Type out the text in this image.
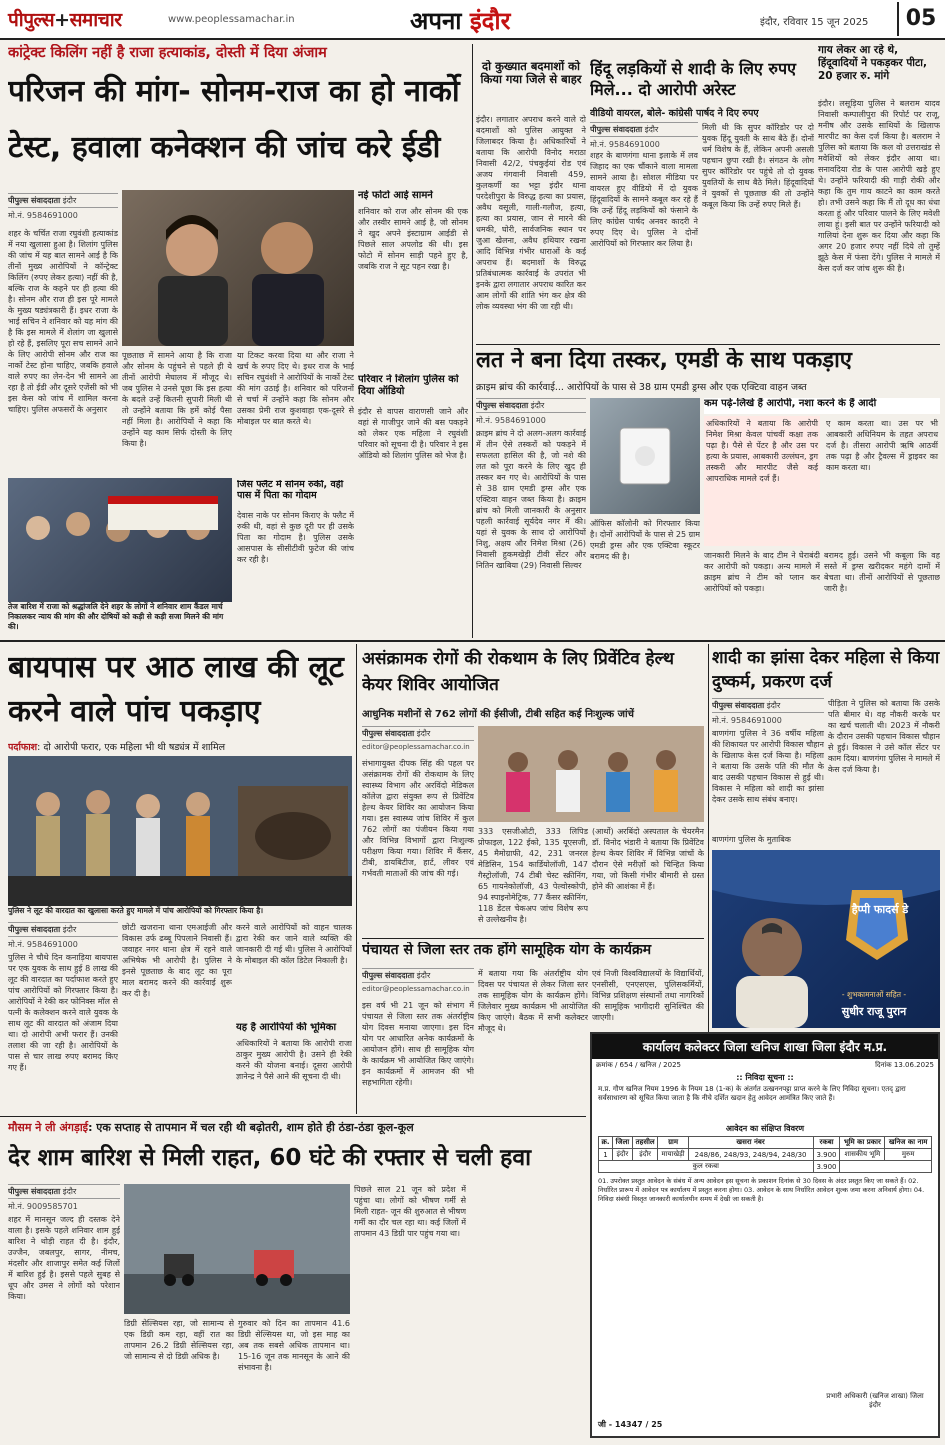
पीपुल्स+समाचार	www.peoplessamachar.in	अपना इंदौर	इंदौर, रविवार 15 जून 2025	05
कांट्रेक्ट किलिंग नहीं है राजा हत्याकांड, दोस्ती में दिया अंजाम
परिजन की मांग- सोनम-राज का हो नार्को टेस्ट, हवाला कनेक्शन की जांच करे ईडी
पीपुल्स संवाददाता इंदौर
मो.नं. 9584691000
शहर के चर्चित राजा रघुवंशी हत्याकांड में नया खुलासा हुआ है। शिलांग पुलिस की जांच में यह बात सामने आई है कि तीनों मुख्य आरोपियों ने कॉन्ट्रेक्ट किलिंग (रुपए लेकर हत्या) नहीं की है, बल्कि राज के कहने पर ही हत्या की है। सोनम और राज ही इस पूरे मामले के मुख्य षड्यंत्रकारी हैं। इधर राजा के भाई सचिन ने शनिवार को यह मांग की है कि इस मामले में शेलांग जा खुलासे हो रहे हैं, इसलिए पूरा सच सामने आने के लिए आरोपी सोनम और राज का नार्को टेस्ट होना चाहिए, जबकि हवाले वाले रुपए का लेन-देन भी सामने आ रहा है तो ईडी और दूसरे एजेंसी को भी इस केस को जांच में शामिल करना चाहिए। पुलिस अफसरों के अनुसार
पूछताछ में सामने आया है कि राजा और सोनम के पहुंचने से पहले ही ये तीनों आरोपी मेघालय में मौजूद थे। जब पुलिस ने उनसे पूछा कि इस हत्या के बदले उन्हें कितनी सुपारी मिली थी तो उन्होंने बताया कि हमें कोई पैसा नहीं मिला है। आरोपियों ने कहा कि उन्होंने यह काम सिर्फ दोस्ती के लिए किया है।
या टिकट करवा दिया था और राजा ने खर्च के रुपए दिए थे। इधर राज के भाई सचिन रघुवंशी ने आरोपियों के नार्को टेस्ट की मांग उठाई है। शनिवार को परिजनों से चर्चा में उन्होंने कहा कि सोनम और उसका प्रेमी राज कुशवाहा एक-दूसरे से मोबाइल पर बात करते थे।
नई फोटो आई सामने
शनिवार को राज और सोनम की एक और तस्वीर सामने आई है, जो सोनम ने खुद अपने इंस्टाग्राम आईडी से पिछले साल अपलोड की थी। इस फोटो में सोनम साड़ी पहने हुए है, जबकि राज ने सूट पहन रखा है।
परिवार ने शिलांग पुलिस को दिया ऑडियो
इंदौर से वापस वाराणसी जाने और वहां से गाजीपुर जाने की बस पकड़ने को लेकर एक महिला ने रघुवंशी परिवार को सूचना दी है। परिवार ने इस ऑडियो को शिलांग पुलिस को भेज है।
जिस फ्लैट में सोनम रुकी, वहीं पास में पिता का गोदाम
देवास नाके पर सोनम किराए के फ्लैट में रुकी थी, वहां से कुछ दूरी पर ही उसके पिता का गोदाम है। पुलिस उसके आसपास के सीसीटीवी फुटेज की जांच कर रही है।
तेज बारिश में राजा को श्रद्धांजलि देने शहर के लोगों ने शनिवार शाम कैंडल मार्च निकालकर न्याय की मांग की और दोषियों को कड़ी से कड़ी सजा मिलने की मांग की।
दो कुख्यात बदमाशों को किया गया जिले से बाहर
इंदौर। लगातार अपराध करने वाले दो बदमाशों को पुलिस आयुक्त ने जिलाबदर किया है। अधिकारियों ने बताया कि आरोपी विनोद मराठा निवासी 42/2, पंचकुईयां रोड एवं अजय गंगवानी निवासी 459, कुलकर्णी का भट्टा इंदौर थाना परदेशीपुरा के विरुद्ध हत्या का प्रयास, अवैध वसूली, गाली-गलौज, हत्या, हत्या का प्रयास, जान से मारने की धमकी, घोरी, सार्वजनिक स्थान पर जुआ खेलना, अवैध हथियार रखना आदि विभिन्न गंभीर धाराओं के कई अपराध हैं। बदमाशों के विरुद्ध प्रतिबंधात्मक कार्रवाई के उपरांत भी इनके द्वारा लगातार अपराध कारित कर आम लोगों की शांति भंग कर क्षेत्र की लोक व्यवस्था भंग की जा रही थी।
हिंदू लड़कियों से शादी के लिए रुपए मिले... दो आरोपी अरेस्ट
वीडियो वायरल, बोले- कांग्रेसी पार्षद ने दिए रुपए
पीपुल्स संवाददाता इंदौर
मो.नं. 9584691000
शहर के बाणगंगा थाना इलाके में लव जिहाद का एक चौंकाने वाला मामला सामने आया है। सोशल मीडिया पर वायरल हुए वीडियो में दो युवक हिंदूवादियों के सामने कबूल कर रहे हैं कि उन्हें हिंदू लड़कियों को फंसाने के लिए कांग्रेस पार्षद अनवर कादरी ने रुपए दिए थे। पुलिस ने दोनों आरोपियों को गिरफ्तार कर लिया है।
मिली थी कि सुपर कॉरिडोर पर दो युवक हिंदू युवती के साथ बैठे हैं। दोनों धर्म विशेष के हैं, लेकिन अपनी असली पहचान छुपा रखी है। संगठन के लोग सुपर कॉरिडोर पर पहुंचे तो दो युवक युवतियों के साथ बैठे मिले। हिंदूवादियों ने युवकों से पूछताछ की तो उन्होंने कबूल किया कि उन्हें रुपए मिले हैं।
गाय लेकर आ रहे थे, हिंदूवादियों ने पकड़कर पीटा, 20 हजार रु. मांगे
इंदौर। लसूड़िया पुलिस ने बलराम यादव निवासी कम्पालीपुरा की रिपोर्ट पर राजू, मनीष और उसके साथियों के खिलाफ मारपीट का केस दर्ज किया है। बलराम ने पुलिस को बताया कि कल वो उत्तराखंड से मवेशियों को लेकर इंदौर आया था। सनावदिया रोड के पास आरोपी खड़े हुए थे। उन्होंने फरियादी की गाड़ी रोकी और कहा कि तुम गाय काटने का काम करते हो। तभी उसने कहा कि मैं तो दूध का धंधा करता हूं और परिवार पालने के लिए मवेशी लाया हूं। इसी बात पर उन्होंने फरियादी को गालियां देना शुरू कर दिया और कहा कि अगर 20 हजार रुपए नहीं दिये तो तुम्हें झूठे केस में फंसा देंगे। पुलिस ने मामले में केस दर्ज कर जांच शुरू की है।
लत ने बना दिया तस्कर, एमडी के साथ पकड़ाए
क्राइम ब्रांच की कार्रवाई... आरोपियों के पास से 38 ग्राम एमडी ड्रग्स और एक एक्टिवा वाहन जब्त
पीपुल्स संवाददाता इंदौर
मो.नं. 9584691000
क्राइम ब्रांच ने दो अलग-अलग कार्रवाई में तीन ऐसे तस्करों को पकड़ने में सफलता हासिल की है, जो नशे की लत को पूरा करने के लिए खुद ही तस्कर बन गए थे। आरोपियों के पास से 38 ग्राम एमडी ड्रग्स और एक एक्टिवा वाहन जब्त किया है। क्राइम ब्रांच को मिली जानकारी के अनुसार पहली कार्रवाई सूर्यदेव नगर में की। यहां से युवक के साथ दो आरोपियों निशु, अक्षय और निमेश मिश्रा (26) निवासी हुकमखेड़ी टीवी सेंटर और नितिन खाबिया (29) निवासी सिल्वर
ऑफिस कॉलोनी को गिरफ्तार किया है। दोनों आरोपियों के पास से 25 ग्राम एमडी ड्रग्स और एक एक्टिवा स्कूटर बरामद की है।
कम पढ़े-लिखे हैं आरोपी, नशा करने के हैं आदी
अधिकारियों ने बताया कि आरोपी निमेश मिश्रा केवल पांचवीं कक्षा तक पढ़ा है। पैसे से पेंटर है और उस पर हत्या के प्रयास, आबकारी उल्लंघन, ड्रग तस्करी और मारपीट जैसे कई आपराधिक मामले दर्ज हैं।
ए काम करता था। उस पर भी आबकारी अधिनियम के तहत अपराध दर्ज है। तीसरा आरोपी ऋषि आठवीं तक पढ़ा है और ट्रैवल्स में ड्राइवर का काम करता था।
जानकारी मिलने के बाद टीम ने घेराबंदी कर आरोपी को पकड़ा। अन्य मामले में क्राइम ब्रांच ने टीम को प्लान कर आरोपियों को पकड़ा।
बरामद हुई। उसने भी कबूला कि वह सस्ते में ड्रग्स खरीदकर महंगे दामों में बेचता था। तीनों आरोपियों से पूछताछ जारी है।
बायपास पर आठ लाख की लूट करने वाले पांच पकड़ाए
पर्दाफाश: दो आरोपी फरार, एक महिला भी थी षड्यंत्र में शामिल
पुलिस ने लूट की वारदात का खुलासा करते हुए मामले में पांच आरोपियों को गिरफ्तार किया है।
पीपुल्स संवाददाता इंदौर
मो.नं. 9584691000
पुलिस ने चौथे दिन कनाड़िया बायपास पर एक युवक के साथ हुई 8 लाख की लूट की वारदात का पर्दाफाश करते हुए पांच आरोपियों को गिरफ्तार किया है। आरोपियों ने रेकी कर फोनिक्स मॉल से पत्नी के कलेक्शन करने वाले युवक के साथ लूट की वारदात को अंजाम दिया था। दो आरोपी अभी फरार हैं। उनकी तलाश की जा रही है। आरोपियों के पास से चार लाख रुपए बरामद किए गए हैं।
छोटी खजराना थाना एमआईजी और विकास उर्फ ढब्बू पिपलाने निवासी हैं। जवाहर नगर थाना क्षेत्र में रहने वाले अभिषेक भी आरोपी है। पुलिस ने इनसे पूछताछ के बाद लूट का पूरा माल बरामद करने की कार्रवाई शुरू कर दी है।
करने वाले आरोपियों को वाहन चालक द्वारा रेकी कर जाने वाले व्यक्ति की जानकारी दी गई थी। पुलिस ने आरोपियों के मोबाइल की कॉल डिटेल निकाली है।
यह है आरोपियों की भूमिका
अधिकारियों ने बताया कि आरोपी राजा ठाकुर मुख्य आरोपी है। उसने ही रेकी करने की योजना बनाई। दूसरा आरोपी ज्ञानेन्द्र ने पैसे आने की सूचना दी थी।
असंक्रामक रोगों की रोकथाम के लिए प्रिवेंटिव हेल्थ केयर शिविर आयोजित
आधुनिक मशीनों से 762 लोगों की ईसीजी, टीबी सहित कई निःशुल्क जांचें
पीपुल्स संवाददाता इंदौर
editor@peoplessamachar.co.in
संभागायुक्त दीपक सिंह की पहल पर असंक्रामक रोगों की रोकथाम के लिए स्वास्थ्य विभाग और अरविंदो मेडिकल कॉलेज द्वारा संयुक्त रूप से प्रिवेंटिव हेल्थ केयर शिविर का आयोजन किया गया। इस स्वास्थ्य जांच शिविर में कुल 762 लोगों का पंजीयन किया गया और विभिन्न विभागों द्वारा निःशुल्क परीक्षण किया गया। शिविर में कैंसर, टीबी, डायबिटीज, हार्ट, लीवर एवं गर्भवती माताओं की जांच की गई।
333 एसजीओटी, 333 लिपिड प्रोफाइल, 122 ईको, 135 यूएसजी, 45 मैमोग्राफी, 42, 231 जनरल मेडिसिन, 154 कार्डियोलॉजी, 147 गैस्ट्रोलॉजी, 74 टीबी चेस्ट स्क्रीनिंग, 65 गायनेकोलॉजी, 43 पेल्वोस्कोपी, 94 स्पाइनोमेट्रिक, 77 कैंसर स्क्रीनिंग, 118 डेंटल चेकअप जांच विशेष रूप से उल्लेखनीय है।
(आर्थो) अरबिंदो अस्पताल के चेयरमैन डॉ. विनोद भंडारी ने बताया कि प्रिवेंटिव हेल्थ केयर शिविर में विभिन्न जांचों के दौरान ऐसे मरीज़ों को चिन्हित किया गया, जो किसी गंभीर बीमारी से ग्रस्त होने की आशंका में हैं।
पंचायत से जिला स्तर तक होंगे सामूहिक योग के कार्यक्रम
पीपुल्स संवाददाता इंदौर
editor@peoplessamachar.co.in
इस वर्ष भी 21 जून को संभाग में पंचायत से जिला स्तर तक अंतर्राष्ट्रीय योग दिवस मनाया जाएगा। इस दिन योग पर आधारित अनेक कार्यक्रमों के आयोजन होंगे। साथ ही सामूहिक योग के कार्यक्रम भी आयोजित किए जाएंगे। इन कार्यक्रमों में आमजन की भी सहभागिता रहेगी।
में बताया गया कि अंतर्राष्ट्रीय योग दिवस पर पंचायत से लेकर जिला स्तर तक सामूहिक योग के कार्यक्रम होंगे। जिलेवार मुख्य कार्यक्रम भी आयोजित किए जाएंगे। बैठक में सभी कलेक्टर मौजूद थे।
एवं निजी विश्वविद्यालयों के विद्यार्थियों, एनसीसी, एनएसएस, पुलिसकर्मियों, विभिन्न प्रशिक्षण संस्थानों तथा नागरिकों की सामूहिक भागीदारी सुनिश्चित की जाएगी।
शादी का झांसा देकर महिला से किया दुष्कर्म, प्रकरण दर्ज
पीपुल्स संवाददाता इंदौर
मो.नं. 9584691000
बाणगंगा पुलिस ने 36 वर्षीय महिला की शिकायत पर आरोपी विकास चौहान के खिलाफ केस दर्ज किया है। महिला ने बताया कि उसके पति की मौत के बाद उसकी पहचान विकास से हुई थी। विकास ने महिला को शादी का झांसा देकर उसके साथ संबंध बनाए।
पीड़िता ने पुलिस को बताया कि उसके पति बीमार थे। वह नौकरी करके घर का खर्च चलाती थी। 2023 में नौकरी के दौरान उसकी पहचान विकास चौहान से हुई। विकास ने उसे कॉल सेंटर पर काम दिया। बाणगंगा पुलिस ने मामले में केस दर्ज किया है।
बाणगंगा पुलिस के मुताबिक
हैप्पी फादर्स डे
- शुभकामनाओं सहित -
सुधीर राजू पुरान
कार्यालय कलेक्टर जिला खनिज शाखा जिला इंदौर म.प्र.
क्रमांक / 654 / खनिज / 2025	दिनांक 13.06.2025
:: निविदा सूचना ::
म.प्र. गौण खनिज नियम 1996 के नियम 18 (1-क) के अंतर्गत उत्खननपट्टा प्राप्त करने के लिए निविदा सूचना। एतद् द्वारा सर्वसाधारण को सूचित किया जाता है कि नीचे दर्शित खदान हेतु आवेदन आमंत्रित किए जाते हैं।
आवेदन का संक्षिप्त विवरण
क्र.	जिला	तहसील	ग्राम	खसरा नंबर	रकबा	भूमि का प्रकार	खनिज का नाम
1	इंदौर	इंदौर	मायाखेड़ी	248/86, 248/93, 248/94, 248/30	3.900	शासकीय भूमि	मुरुम
कुल रकबा					3.900		
01. उपरोक्त प्रस्तुत आवेदन के संबंध में अन्य आवेदन इस सूचना के प्रकाशन दिनांक से 30 दिवस के अंदर प्रस्तुत किए जा सकते हैं। 02. निर्धारित प्रारूप में आवेदन पत्र कार्यालय में प्रस्तुत करना होगा। 03. आवेदन के साथ निर्धारित आवेदन शुल्क जमा करना अनिवार्य होगा। 04. निविदा संबंधी विस्तृत जानकारी कार्यालयीन समय में देखी जा सकती है।
प्रभारी अधिकारी (खनिज शाखा) जिला इंदौर
जी - 14347 / 25
मौसम ने ली अंगड़ाई: एक सप्ताह से तापमान में चल रही थी बढ़ोतरी, शाम होते ही ठंडा-ठंडा कूल-कूल
देर शाम बारिश से मिली राहत, 60 घंटे की रफ्तार से चली हवा
पीपुल्स संवाददाता इंदौर
मो.नं. 9009585701
शहर में मानसून जल्द ही दस्तक देने वाला है। इसके पहले शनिवार शाम हुई बारिश ने थोड़ी राहत दी है। इंदौर, उज्जैन, जबलपुर, सागर, नीमच, मंदसौर और शाजापुर समेत कई जिलों में बारिश हुई है। इससे पहले सुबह से धूप और उमस ने लोगों को परेशान किया।
डिग्री सेल्सियस रहा, जो सामान्य से एक डिग्री कम रहा, वहीं रात का तापमान 26.2 डिग्री सेल्सियस रहा, जो सामान्य से दो डिग्री अधिक है।
गुरुवार को दिन का तापमान 41.6 डिग्री सेल्सियस था, जो इस माह का अब तक सबसे अधिक तापमान था। 15-16 जून तक मानसून के आने की संभावना है।
पिछले साल 21 जून को प्रदेश में पहुंचा था। लोगों को भीषण गर्मी से मिली राहत- जून की शुरुआत से भीषण गर्मी का दौर चल रहा था। कई जिलों में तापमान 43 डिग्री पार पहुंच गया था।
